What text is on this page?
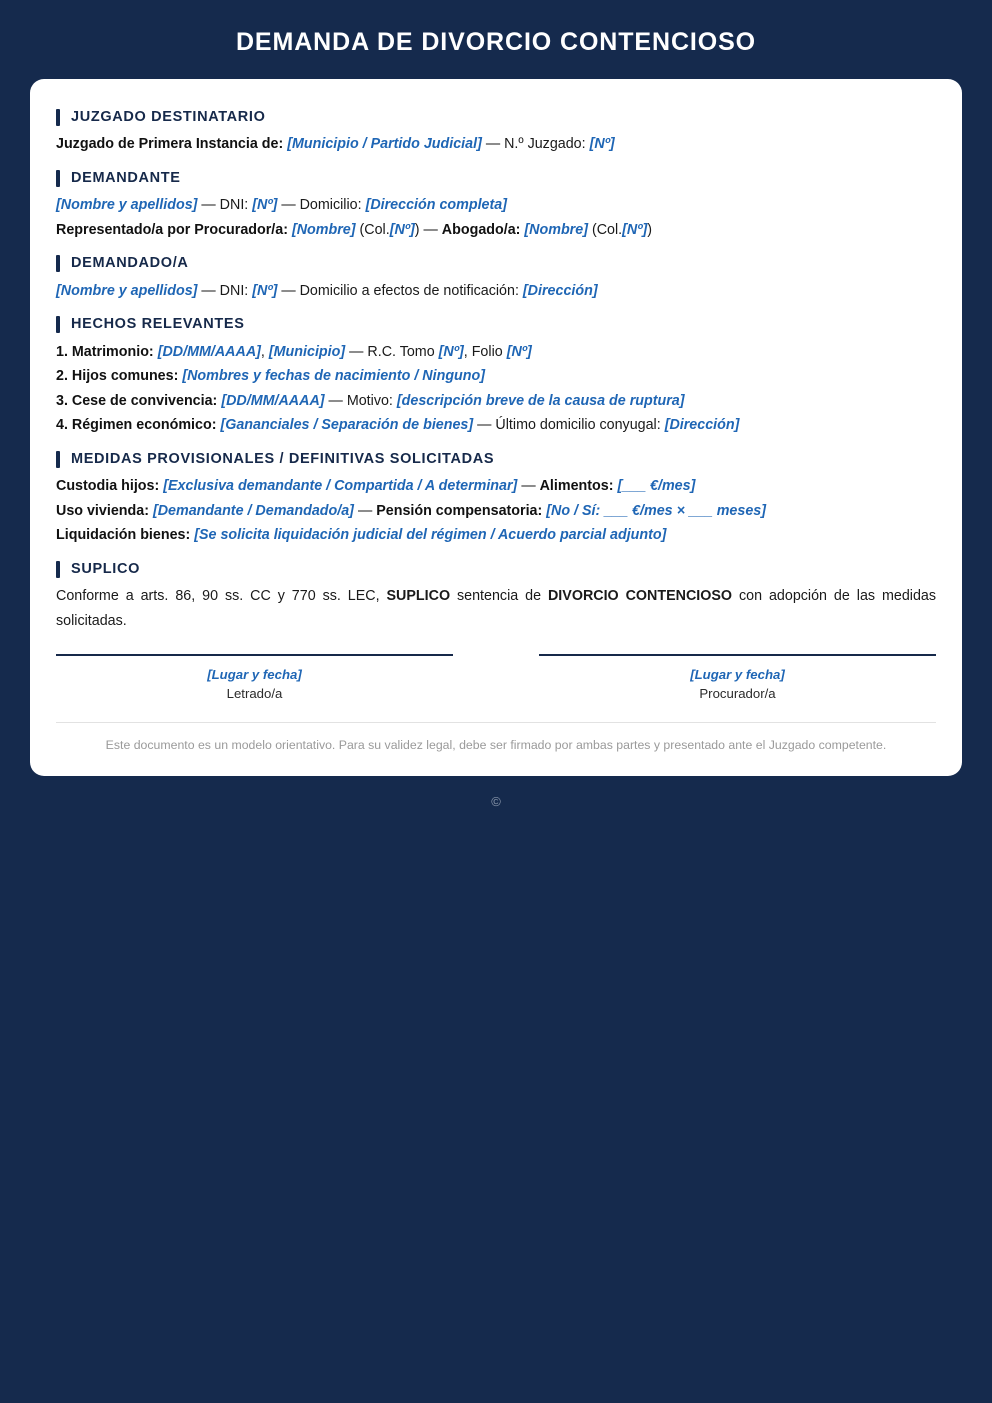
DEMANDA DE DIVORCIO CONTENCIOSO
JUZGADO DESTINATARIO

Juzgado de Primera Instancia de: [Municipio / Partido Judicial] — N.º Juzgado: [Nº]

DEMANDANTE

[Nombre y apellidos] — DNI: [Nº] — Domicilio: [Dirección completa]

Representado/a por Procurador/a: [Nombre] (Col.[Nº]) — Abogado/a: [Nombre] (Col.[Nº])

DEMANDADO/A

[Nombre y apellidos] — DNI: [Nº] — Domicilio a efectos de notificación: [Dirección]

HECHOS RELEVANTES

1. Matrimonio: [DD/MM/AAAA], [Municipio] — R.C. Tomo [Nº], Folio [Nº]

2. Hijos comunes: [Nombres y fechas de nacimiento / Ninguno]

3. Cese de convivencia: [DD/MM/AAAA] — Motivo: [descripción breve de la causa de ruptura]

4. Régimen económico: [Gananciales / Separación de bienes] — Último domicilio conyugal: [Dirección]

MEDIDAS PROVISIONALES / DEFINITIVAS SOLICITADAS

Custodia hijos: [Exclusiva demandante / Compartida / A determinar] — Alimentos: [___ €/mes]

Uso vivienda: [Demandante / Demandado/a] — Pensión compensatoria: [No / Sí: ___ €/mes × ___ meses]

Liquidación bienes: [Se solicita liquidación judicial del régimen / Acuerdo parcial adjunto]

SUPLICO

Conforme a arts. 86, 90 ss. CC y 770 ss. LEC, SUPLICO sentencia de DIVORCIO CONTENCIOSO con adopción de las medidas solicitadas.

[Lugar y fecha]
Letrado/a
[Lugar y fecha]
Procurador/a

Este documento es un modelo orientativo. Para su validez legal, debe ser firmado por ambas partes y presentado ante el Juzgado competente.

©
